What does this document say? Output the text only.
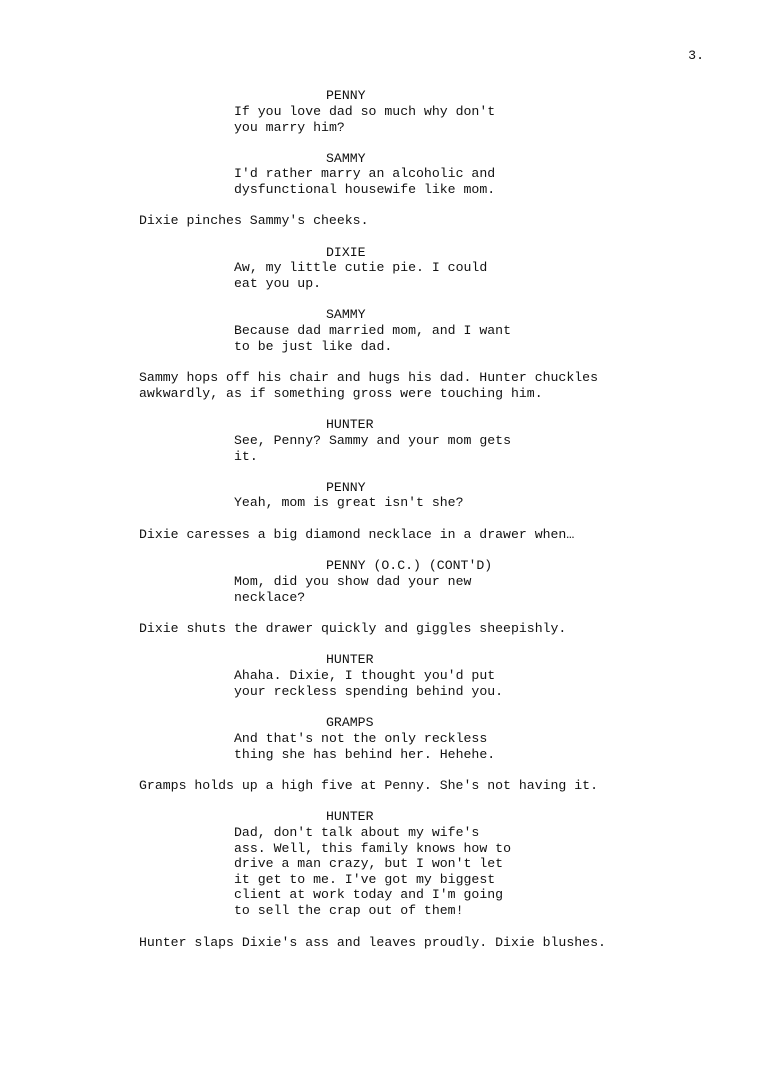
3.
PENNY
If you love dad so much why don't
you marry him?
SAMMY
I'd rather marry an alcoholic and
dysfunctional housewife like mom.
Dixie pinches Sammy's cheeks.
DIXIE
Aw, my little cutie pie. I could
eat you up.
SAMMY
Because dad married mom, and I want
to be just like dad.
Sammy hops off his chair and hugs his dad. Hunter chuckles
awkwardly, as if something gross were touching him.
HUNTER
See, Penny? Sammy and your mom gets
it.
PENNY
Yeah, mom is great isn't she?
Dixie caresses a big diamond necklace in a drawer when…
PENNY (O.C.) (CONT'D)
Mom, did you show dad your new
necklace?
Dixie shuts the drawer quickly and giggles sheepishly.
HUNTER
Ahaha. Dixie, I thought you'd put
your reckless spending behind you.
GRAMPS
And that's not the only reckless
thing she has behind her. Hehehe.
Gramps holds up a high five at Penny. She's not having it.
HUNTER
Dad, don't talk about my wife's
ass. Well, this family knows how to
drive a man crazy, but I won't let
it get to me. I've got my biggest
client at work today and I'm going
to sell the crap out of them!
Hunter slaps Dixie's ass and leaves proudly. Dixie blushes.
